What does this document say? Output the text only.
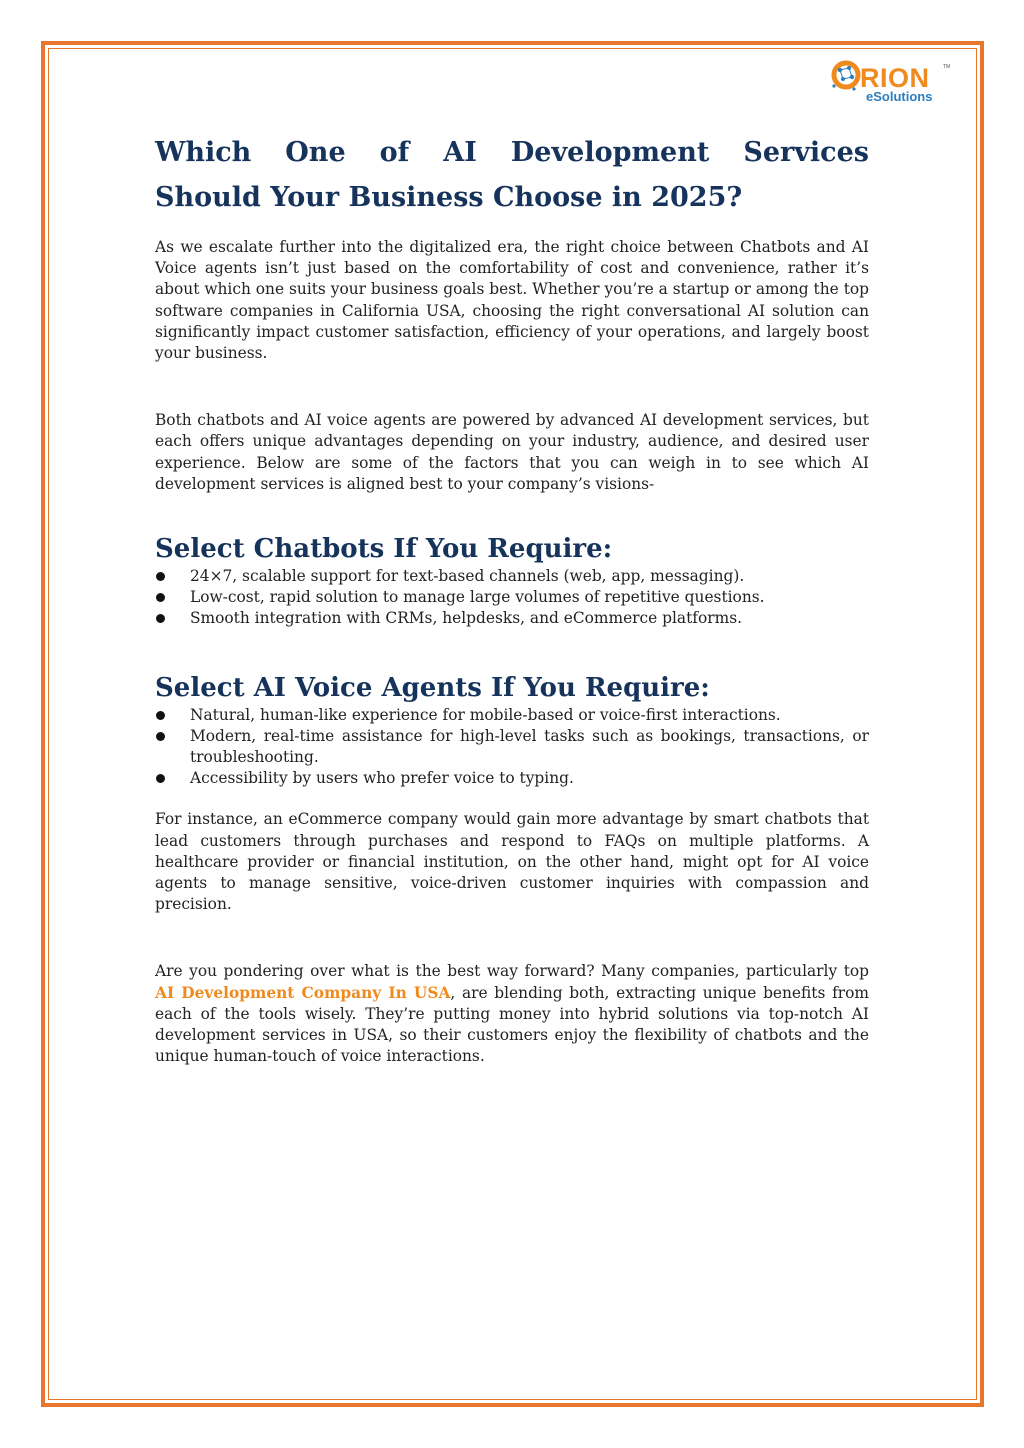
RION	TM
eSolutions
Which One of AI Development Services
Should Your Business Choose in 2025?

As we escalate further into the digitalized era, the right choice between Chatbots and AI Voice agents isn’t just based on the comfortability of cost and convenience, rather it’s about which one suits your business goals best. Whether you’re a startup or among the top software companies in California USA, choosing the right conversational AI solution can significantly impact customer satisfaction, efficiency of your operations, and largely boost your business.

Both chatbots and AI voice agents are powered by advanced AI development services, but each offers unique advantages depending on your industry, audience, and desired user experience. Below are some of the factors that you can weigh in to see which AI development services is aligned best to your company’s visions-

Select Chatbots If You Require:
24×7, scalable support for text-based channels (web, app, messaging).
Low-cost, rapid solution to manage large volumes of repetitive questions.
Smooth integration with CRMs, helpdesks, and eCommerce platforms.
Select AI Voice Agents If You Require:
Natural, human-like experience for mobile-based or voice-first interactions.
Modern, real-time assistance for high-level tasks such as bookings, transactions, or troubleshooting.
Accessibility by users who prefer voice to typing.

For instance, an eCommerce company would gain more advantage by smart chatbots that lead customers through purchases and respond to FAQs on multiple platforms. A healthcare provider or financial institution, on the other hand, might opt for AI voice agents to manage sensitive, voice-driven customer inquiries with compassion and precision.

Are you pondering over what is the best way forward? Many companies, particularly top AI Development Company In USA, are blending both, extracting unique benefits from each of the tools wisely. They’re putting money into hybrid solutions via top-notch AI development services in USA, so their customers enjoy the flexibility of chatbots and the unique human-touch of voice interactions.
